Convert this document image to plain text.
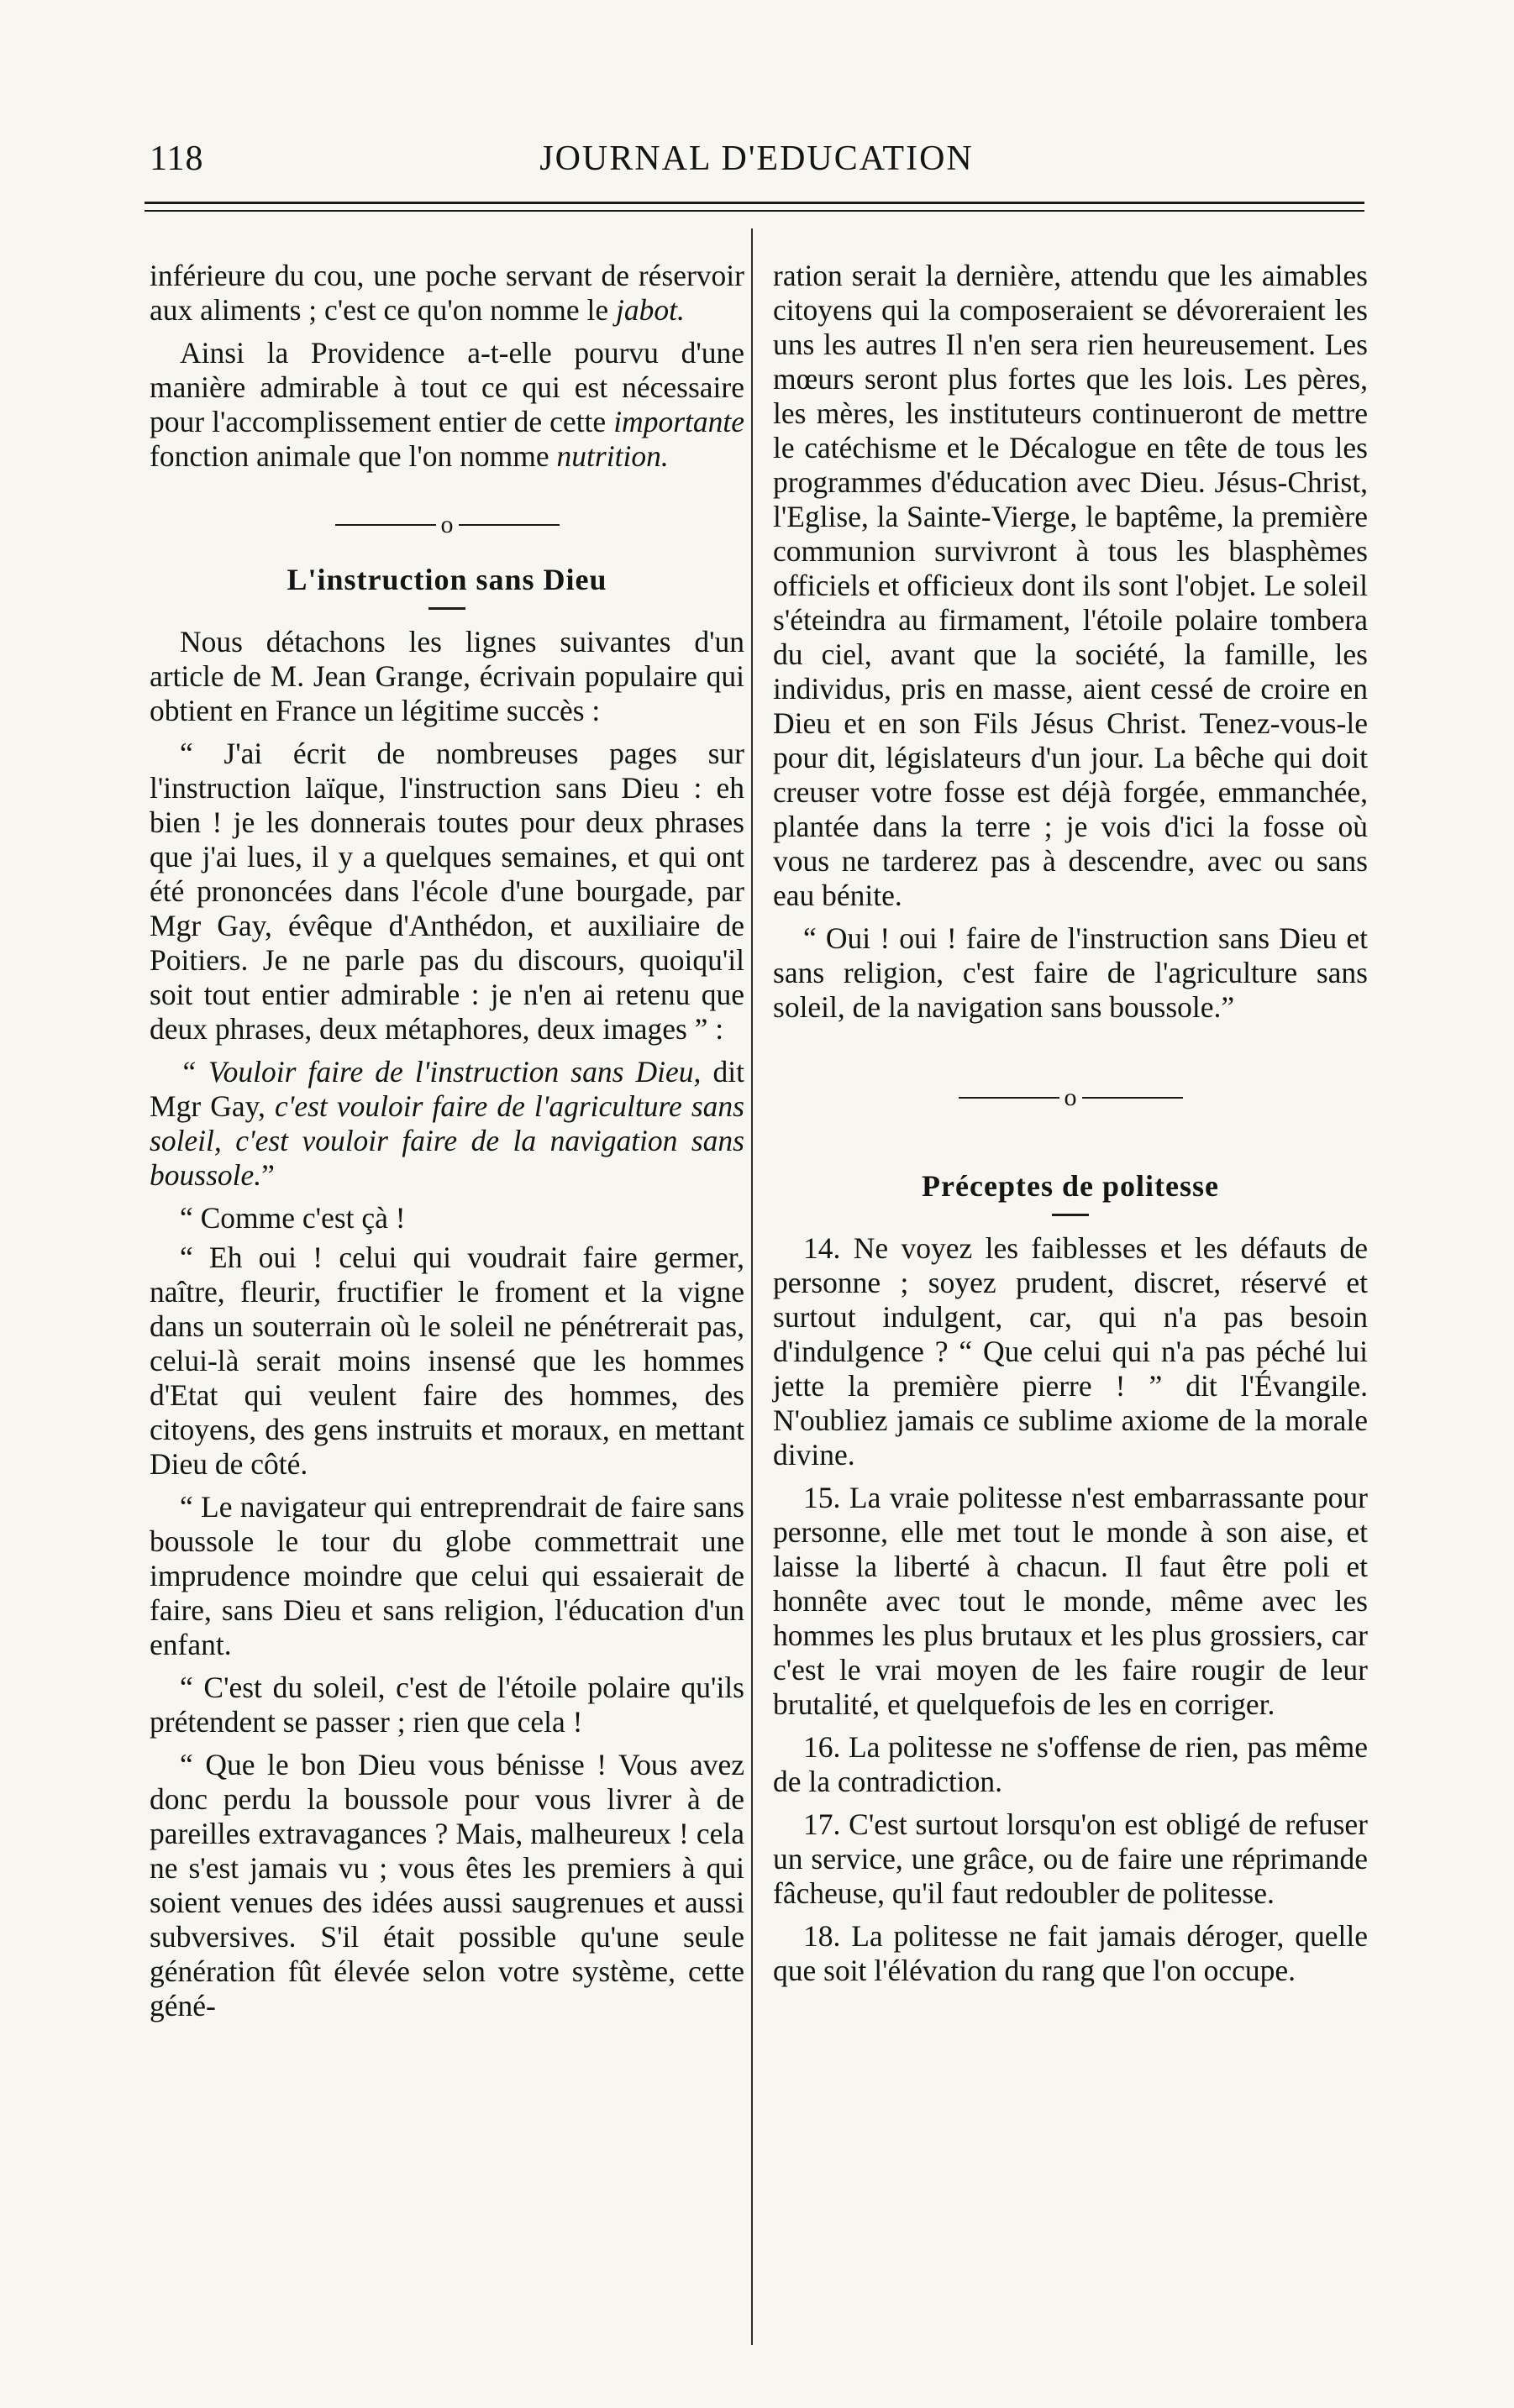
118	JOURNAL D'EDUCATION

inférieure du cou, une poche servant de réservoir aux aliments ; c'est ce qu'on nomme le jabot.

Ainsi la Providence a-t-elle pourvu d'une manière admirable à tout ce qui est nécessaire pour l'accomplissement entier de cette importante fonction animale que l'on nomme nutrition.

o
L'instruction sans Dieu

Nous détachons les lignes suivantes d'un article de M. Jean Grange, écrivain populaire qui obtient en France un légitime succès :

“ J'ai écrit de nombreuses pages sur l'instruction laïque, l'instruction sans Dieu : eh bien ! je les donnerais toutes pour deux phrases que j'ai lues, il y a quelques semaines, et qui ont été prononcées dans l'école d'une bourgade, par Mgr Gay, évêque d'Anthédon, et auxiliaire de Poitiers. Je ne parle pas du discours, quoiqu'il soit tout entier admirable : je n'en ai retenu que deux phrases, deux métaphores, deux images ” :

“ Vouloir faire de l'instruction sans Dieu, dit Mgr Gay, c'est vouloir faire de l'agriculture sans soleil, c'est vouloir faire de la navigation sans boussole.”

“ Comme c'est çà !

“ Eh oui ! celui qui voudrait faire germer, naître, fleurir, fructifier le froment et la vigne dans un souterrain où le soleil ne pénétrerait pas, celui-là serait moins insensé que les hommes d'Etat qui veulent faire des hommes, des citoyens, des gens instruits et moraux, en mettant Dieu de côté.

“ Le navigateur qui entreprendrait de faire sans boussole le tour du globe commettrait une imprudence moindre que celui qui essaierait de faire, sans Dieu et sans religion, l'éducation d'un enfant.

“ C'est du soleil, c'est de l'étoile polaire qu'ils prétendent se passer ; rien que cela !

“ Que le bon Dieu vous bénisse ! Vous avez donc perdu la boussole pour vous livrer à de pareilles extravagances ? Mais, malheureux ! cela ne s'est jamais vu ; vous êtes les premiers à qui soient venues des idées aussi saugrenues et aussi subversives. S'il était possible qu'une seule génération fût élevée selon votre système, cette géné-

ration serait la dernière, attendu que les aimables citoyens qui la composeraient se dévoreraient les uns les autres Il n'en sera rien heureusement. Les mœurs seront plus fortes que les lois. Les pères, les mères, les instituteurs continueront de mettre le catéchisme et le Décalogue en tête de tous les programmes d'éducation avec Dieu. Jésus-Christ, l'Eglise, la Sainte-Vierge, le baptême, la première communion survivront à tous les blasphèmes officiels et officieux dont ils sont l'objet. Le soleil s'éteindra au firmament, l'étoile polaire tombera du ciel, avant que la société, la famille, les individus, pris en masse, aient cessé de croire en Dieu et en son Fils Jésus Christ. Tenez-vous-le pour dit, législateurs d'un jour. La bêche qui doit creuser votre fosse est déjà forgée, emmanchée, plantée dans la terre ; je vois d'ici la fosse où vous ne tarderez pas à descendre, avec ou sans eau bénite.

“ Oui ! oui ! faire de l'instruction sans Dieu et sans religion, c'est faire de l'agriculture sans soleil, de la navigation sans boussole.”

o
Préceptes de politesse

14. Ne voyez les faiblesses et les défauts de personne ; soyez prudent, discret, réservé et surtout indulgent, car, qui n'a pas besoin d'indulgence ? “ Que celui qui n'a pas péché lui jette la première pierre ! ” dit l'Évangile. N'oubliez jamais ce sublime axiome de la morale divine.

15. La vraie politesse n'est embarrassante pour personne, elle met tout le monde à son aise, et laisse la liberté à chacun. Il faut être poli et honnête avec tout le monde, même avec les hommes les plus brutaux et les plus grossiers, car c'est le vrai moyen de les faire rougir de leur brutalité, et quelquefois de les en corriger.

16. La politesse ne s'offense de rien, pas même de la contradiction.

17. C'est surtout lorsqu'on est obligé de refuser un service, une grâce, ou de faire une réprimande fâcheuse, qu'il faut redoubler de politesse.

18. La politesse ne fait jamais déroger, quelle que soit l'élévation du rang que l'on occupe.
